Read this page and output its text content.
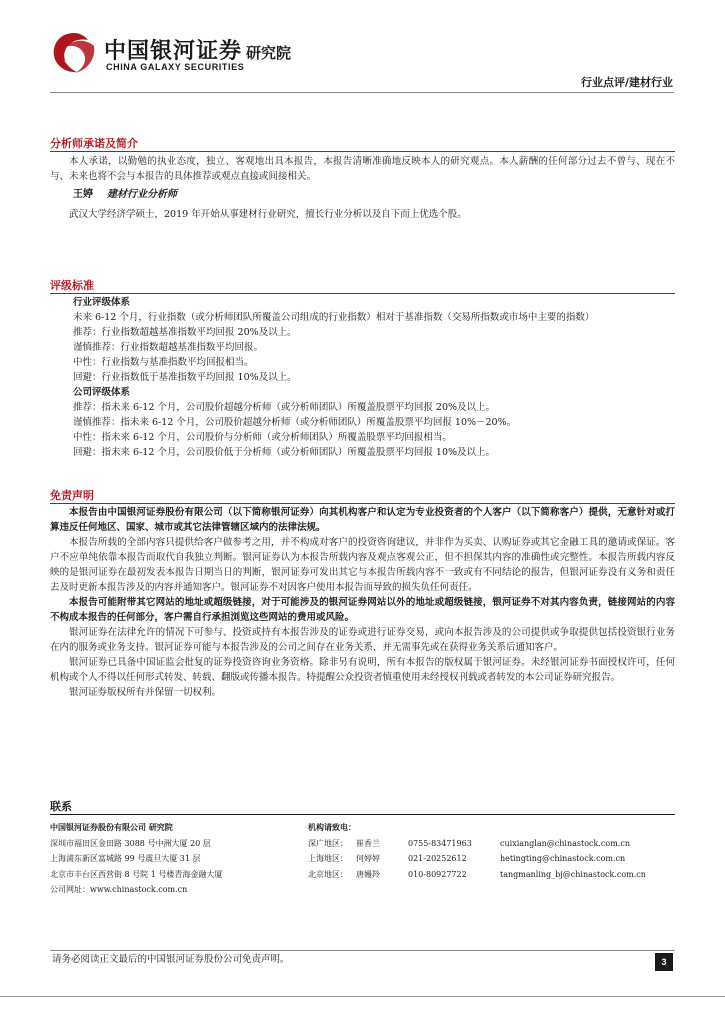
中国银河证券
CHINA GALAXY SECURITIES
研究院
行业点评/建材行业
分析师承诺及简介
本人承诺，以勤勉的执业态度，独立、客观地出具本报告，本报告清晰准确地反映本人的研究观点。本人薪酬的任何部分过去不曾与、现在不与、未来也将不会与本报告的具体推荐或观点直接或间接相关。
王婷 建材行业分析师
武汉大学经济学硕士，2019 年开始从事建材行业研究，擅长行业分析以及自下而上优选个股。
评级标准
行业评级体系
未来 6-12 个月，行业指数（或分析师团队所覆盖公司组成的行业指数）相对于基准指数（交易所指数或市场中主要的指数）
推荐：行业指数超越基准指数平均回报 20%及以上。
谨慎推荐：行业指数超越基准指数平均回报。
中性：行业指数与基准指数平均回报相当。
回避：行业指数低于基准指数平均回报 10%及以上。
公司评级体系
推荐：指未来 6-12 个月，公司股价超越分析师（或分析师团队）所覆盖股票平均回报 20%及以上。
谨慎推荐：指未来 6-12 个月，公司股价超越分析师（或分析师团队）所覆盖股票平均回报 10%－20%。
中性：指未来 6-12 个月，公司股价与分析师（或分析师团队）所覆盖股票平均回报相当。
回避：指未来 6-12 个月，公司股价低于分析师（或分析师团队）所覆盖股票平均回报 10%及以上。
免责声明
本报告由中国银河证券股份有限公司（以下简称银河证券）向其机构客户和认定为专业投资者的个人客户（以下简称客户）提供，无意针对或打算违反任何地区、国家、城市或其它法律管辖区域内的法律法规。
本报告所载的全部内容只提供给客户做参考之用，并不构成对客户的投资咨询建议，并非作为买卖、认购证券或其它金融工具的邀请或保证。客户不应单纯依靠本报告而取代自我独立判断。银河证券认为本报告所载内容及观点客观公正，但不担保其内容的准确性或完整性。本报告所载内容反映的是银河证券在最初发表本报告日期当日的判断，银河证券可发出其它与本报告所载内容不一致或有不同结论的报告，但银河证券没有义务和责任去及时更新本报告涉及的内容并通知客户。银河证券不对因客户使用本报告而导致的损失负任何责任。
本报告可能附带其它网站的地址或超级链接，对于可能涉及的银河证券网站以外的地址或超级链接，银河证券不对其内容负责，链接网站的内容不构成本报告的任何部分，客户需自行承担浏览这些网站的费用或风险。
银河证券在法律允许的情况下可参与、投资或持有本报告涉及的证券或进行证券交易，或向本报告涉及的公司提供或争取提供包括投资银行业务在内的服务或业务支持。银河证券可能与本报告涉及的公司之间存在业务关系，并无需事先或在获得业务关系后通知客户。
银河证券已具备中国证监会批复的证券投资咨询业务资格。除非另有说明，所有本报告的版权属于银河证券。未经银河证券书面授权许可，任何机构或个人不得以任何形式转发、转载、翻版或传播本报告。特提醒公众投资者慎重使用未经授权刊载或者转发的本公司证券研究报告。
银河证券版权所有并保留一切权利。
联系
中国银河证券股份有限公司 研究院
深圳市福田区金田路 3088 号中洲大厦 20 层
上海浦东新区富城路 99 号震旦大厦 31 层
北京市丰台区西营街 8 号院 1 号楼青海金融大厦
公司网址：www.chinastock.com.cn
机构请致电：
深广地区： 崔香兰	0755-83471963	cuixianglan@chinastock.com.cn
上海地区： 何婷婷	021-20252612	hetingting@chinastock.com.cn
北京地区： 唐嫚羚	010-80927722	tangmanling_bj@chinastock.com.cn
请务必阅读正文最后的中国银河证券股份公司免责声明。	3
